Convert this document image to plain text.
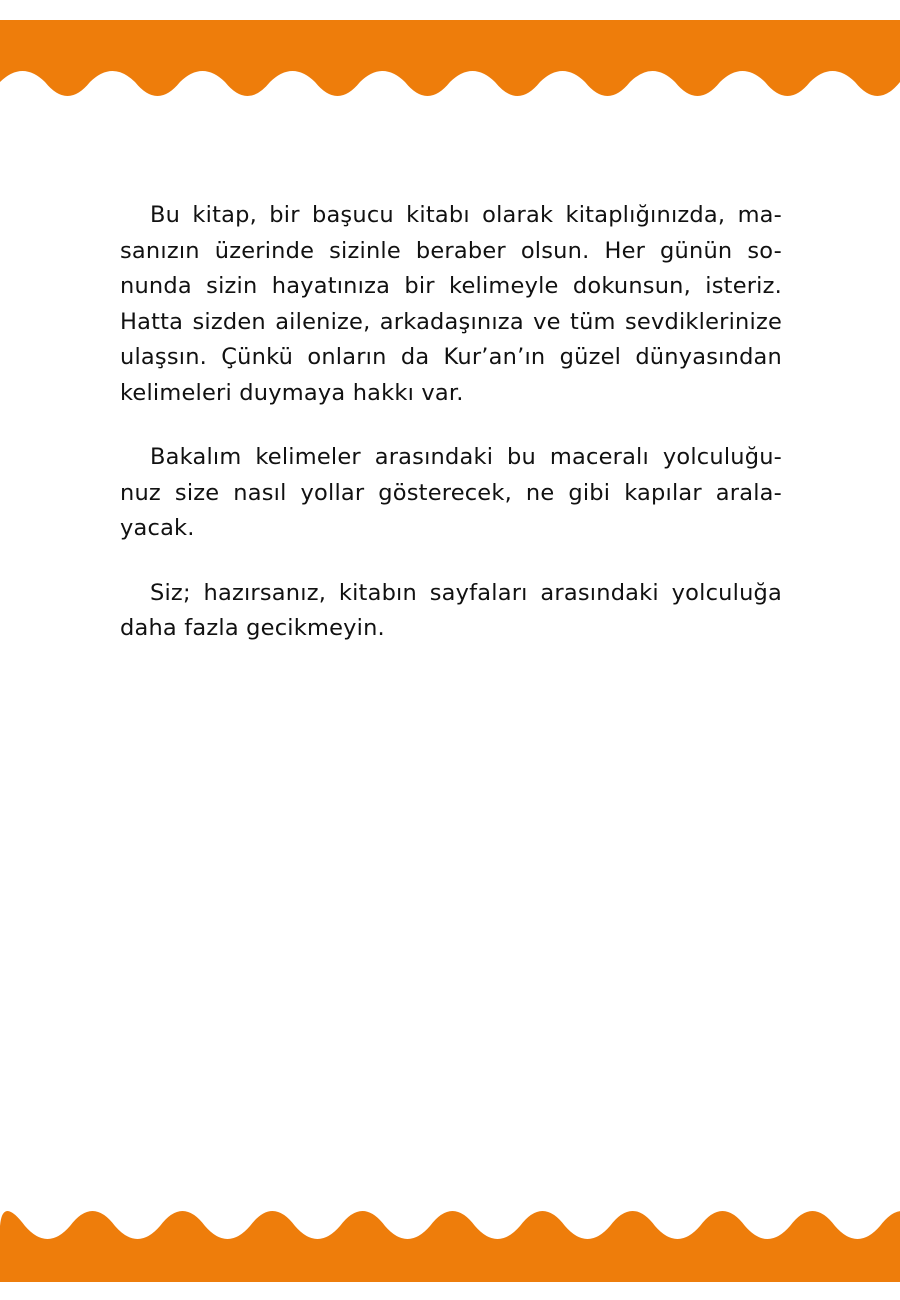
Bu kitap, bir başucu kitabı olarak kitaplığınızda, ma-
sanızın üzerinde sizinle beraber olsun. Her günün so-
nunda sizin hayatınıza bir kelimeyle dokunsun, isteriz.
Hatta sizden ailenize, arkadaşınıza ve tüm sevdiklerinize
ulaşsın. Çünkü onların da Kur’an’ın güzel dünyasından
kelimeleri duymaya hakkı var.

Bakalım kelimeler arasındaki bu maceralı yolculuğu-
nuz size nasıl yollar gösterecek, ne gibi kapılar arala-
yacak.

Siz; hazırsanız, kitabın sayfaları arasındaki yolculuğa
daha fazla gecikmeyin.
